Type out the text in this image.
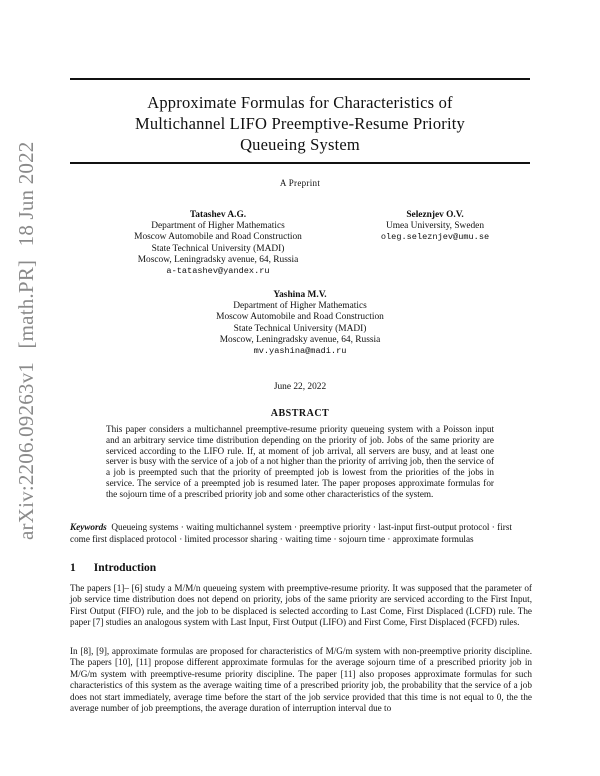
arXiv:2206.09263v1 [math.PR] 18 Jun 2022
Approximate Formulas for Characteristics of
Multichannel LIFO Preemptive-Resume Priority
Queueing System
A Preprint
Tatashev A.G.
Department of Higher Mathematics
Moscow Automobile and Road Construction
State Technical University (MADI)
Moscow, Leningradsky avenue, 64, Russia
a-tatashev@yandex.ru
Seleznjev O.V.
Umea University, Sweden
oleg.seleznjev@umu.se
Yashina M.V.
Department of Higher Mathematics
Moscow Automobile and Road Construction
State Technical University (MADI)
Moscow, Leningradsky avenue, 64, Russia
mv.yashina@madi.ru
June 22, 2022
ABSTRACT
This paper considers a multichannel preemptive-resume priority queueing system with a Poisson input and an arbitrary service time distribution depending on the priority of job. Jobs of the same priority are serviced according to the LIFO rule. If, at moment of job arrival, all servers are busy, and at least one server is busy with the service of a job of a not higher than the priority of arriving job, then the service of a job is preempted such that the priority of preempted job is lowest from the priorities of the jobs in service. The service of a preempted job is resumed later. The paper proposes approximate formulas for the sojourn time of a prescribed priority job and some other characteristics of the system.
Keywords Queueing systems · waiting multichannel system · preemptive priority · last-input first-output protocol · first come first displaced protocol · limited processor sharing · waiting time · sojourn time · approximate formulas
1 Introduction
The papers [1]– [6] study a M/M/n queueing system with preemptive-resume priority. It was supposed that the parameter of job service time distribution does not depend on priority, jobs of the same priority are serviced according to the First Input, First Output (FIFO) rule, and the job to be displaced is selected according to Last Come, First Displaced (LCFD) rule. The paper [7] studies an analogous system with Last Input, First Output (LIFO) and First Come, First Displaced (FCFD) rules.
In [8], [9], approximate formulas are proposed for characteristics of M/G/m system with non-preemptive priority discipline. The papers [10], [11] propose different approximate formulas for the average sojourn time of a prescribed priority job in M/G/m system with preemptive-resume priority discipline. The paper [11] also proposes approximate formulas for such characteristics of this system as the average waiting time of a prescribed priority job, the probability that the service of a job does not start immediately, average time before the start of the job service provided that this time is not equal to 0, the the average number of job preemptions, the average duration of interruption interval due to
